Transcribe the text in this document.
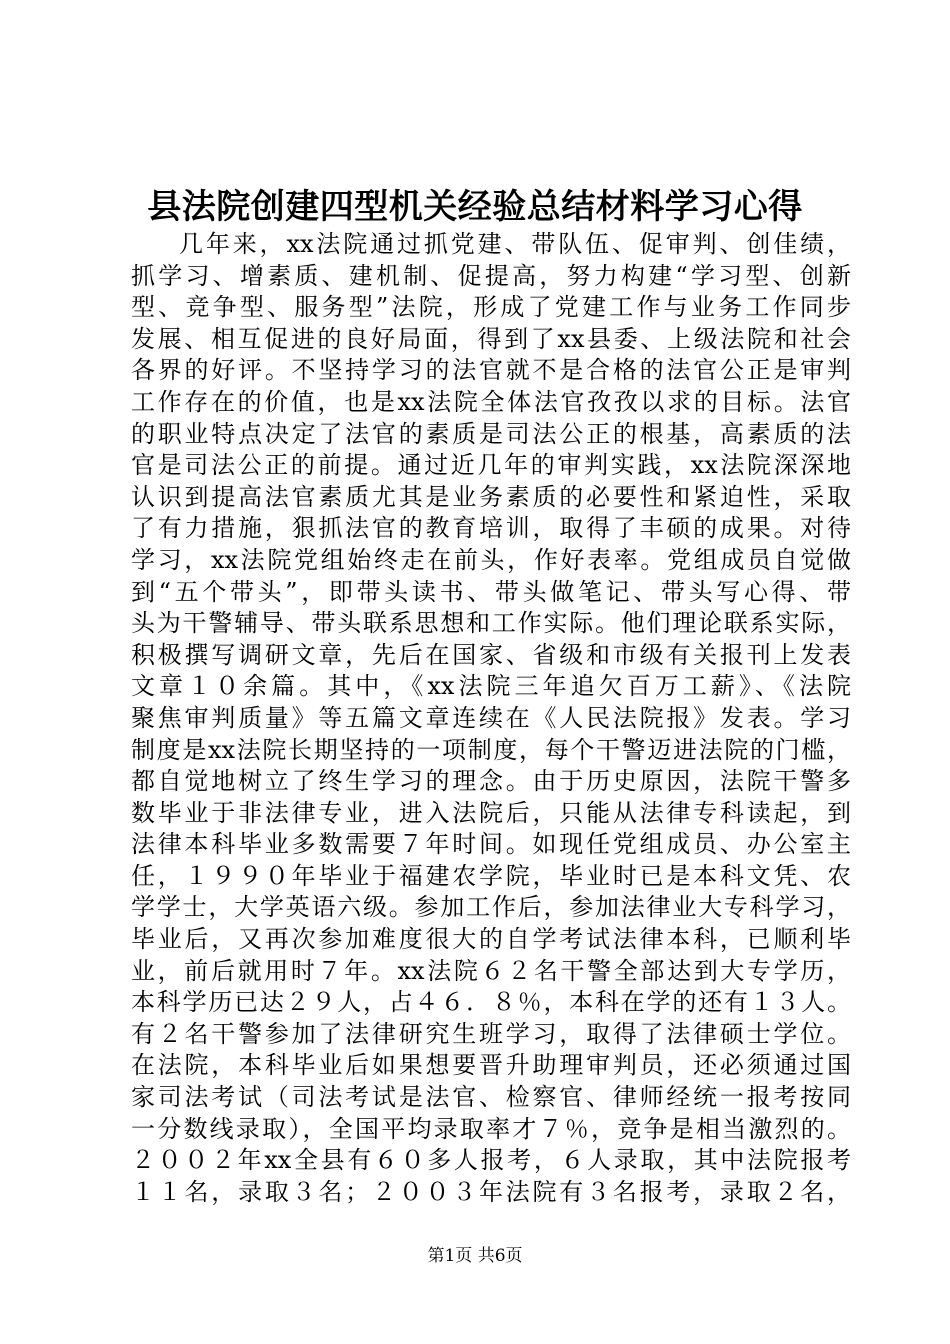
县法院创建四型机关经验总结材料学习心得
几年来，xx法院通过抓党建、带队伍、促审判、创佳绩，
抓学习、增素质、建机制、促提高，努力构建“学习型、创新
型、竞争型、服务型”法院，形成了党建工作与业务工作同步
发展、相互促进的良好局面，得到了xx县委、上级法院和社会
各界的好评。不坚持学习的法官就不是合格的法官公正是审判
工作存在的价值，也是xx法院全体法官孜孜以求的目标。法官
的职业特点决定了法官的素质是司法公正的根基，高素质的法
官是司法公正的前提。通过近几年的审判实践，xx法院深深地
认识到提高法官素质尤其是业务素质的必要性和紧迫性，采取
了有力措施，狠抓法官的教育培训，取得了丰硕的成果。对待
学习，xx法院党组始终走在前头，作好表率。党组成员自觉做
到“五个带头”，即带头读书、带头做笔记、带头写心得、带
头为干警辅导、带头联系思想和工作实际。他们理论联系实际，
积极撰写调研文章，先后在国家、省级和市级有关报刊上发表
文章１０余篇。其中，《xx法院三年追欠百万工薪》、《法院
聚焦审判质量》等五篇文章连续在《人民法院报》发表。学习
制度是xx法院长期坚持的一项制度，每个干警迈进法院的门槛，
都自觉地树立了终生学习的理念。由于历史原因，法院干警多
数毕业于非法律专业，进入法院后，只能从法律专科读起，到
法律本科毕业多数需要７年时间。如现任党组成员、办公室主
任，１９９０年毕业于福建农学院，毕业时已是本科文凭、农
学学士，大学英语六级。参加工作后，参加法律业大专科学习，
毕业后，又再次参加难度很大的自学考试法律本科，已顺利毕
业，前后就用时７年。xx法院６２名干警全部达到大专学历，
本科学历已达２９人，占４６．８％，本科在学的还有１３人。
有２名干警参加了法律研究生班学习，取得了法律硕士学位。
在法院，本科毕业后如果想要晋升助理审判员，还必须通过国
家司法考试（司法考试是法官、检察官、律师经统一报考按同
一分数线录取），全国平均录取率才７％，竞争是相当激烈的。
２００２年xx全县有６０多人报考，６人录取，其中法院报考
１１名，录取３名；２００３年法院有３名报考，录取２名，
第1页 共6页
